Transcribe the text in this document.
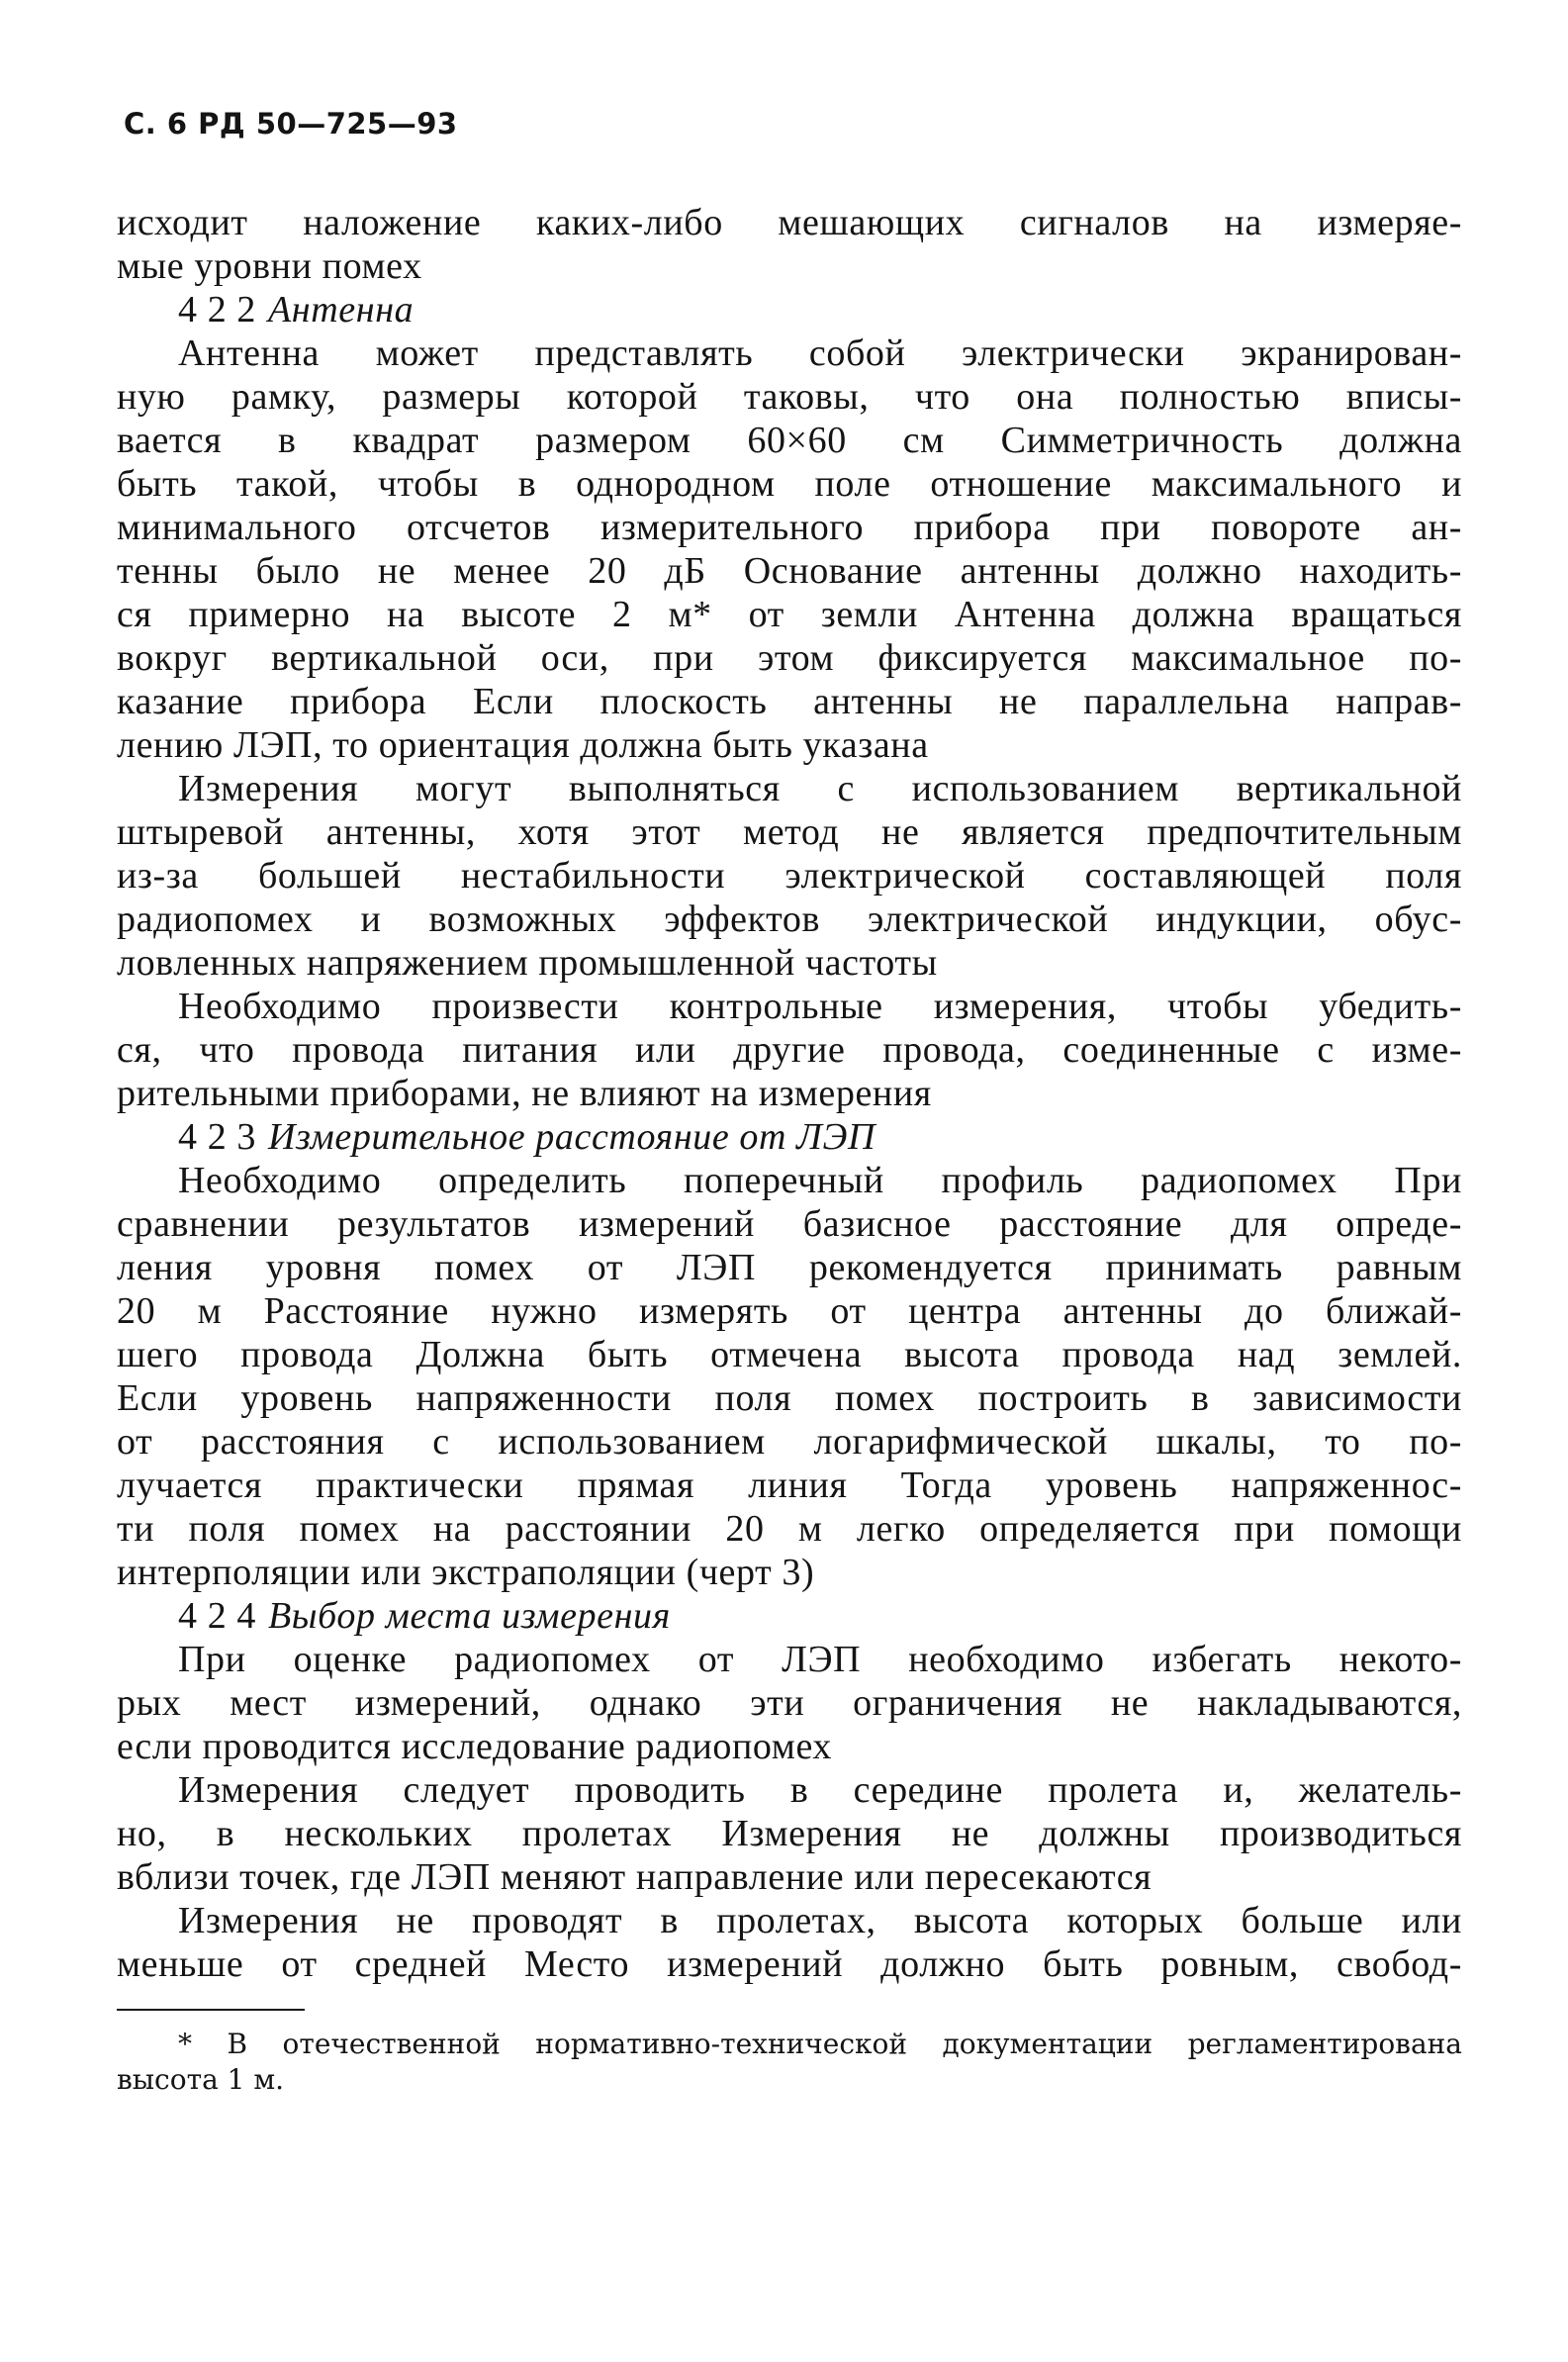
С. 6 РД 50—725—93
исходит наложение каких-либо мешающих сигналов на измеряе-
мые уровни помех
4 2 2 Антенна
Антенна может представлять собой электрически экранирован-
ную рамку, размеры которой таковы, что она полностью вписы-
вается в квадрат размером 60×60 см Симметричность должна
быть такой, чтобы в однородном поле отношение максимального и
минимального отсчетов измерительного прибора при повороте ан-
тенны было не менее 20 дБ Основание антенны должно находить-
ся примерно на высоте 2 м* от земли Антенна должна вращаться
вокруг вертикальной оси, при этом фиксируется максимальное по-
казание прибора Если плоскость антенны не параллельна направ-
лению ЛЭП, то ориентация должна быть указана
Измерения могут выполняться с использованием вертикальной
штыревой антенны, хотя этот метод не является предпочтительным
из-за большей нестабильности электрической составляющей поля
радиопомех и возможных эффектов электрической индукции, обус-
ловленных напряжением промышленной частоты
Необходимо произвести контрольные измерения, чтобы убедить-
ся, что провода питания или другие провода, соединенные с изме-
рительными приборами, не влияют на измерения
4 2 3 Измерительное расстояние от ЛЭП
Необходимо определить поперечный профиль радиопомех При
сравнении результатов измерений базисное расстояние для опреде-
ления уровня помех от ЛЭП рекомендуется принимать равным
20 м Расстояние нужно измерять от центра антенны до ближай-
шего провода Должна быть отмечена высота провода над землей.
Если уровень напряженности поля помех построить в зависимости
от расстояния с использованием логарифмической шкалы, то по-
лучается практически прямая линия Тогда уровень напряженнос-
ти поля помех на расстоянии 20 м легко определяется при помощи
интерполяции или экстраполяции (черт 3)
4 2 4 Выбор места измерения
При оценке радиопомех от ЛЭП необходимо избегать некото-
рых мест измерений, однако эти ограничения не накладываются,
если проводится исследование радиопомех
Измерения следует проводить в середине пролета и, желатель-
но, в нескольких пролетах Измерения не должны производиться
вблизи точек, где ЛЭП меняют направление или пересекаются
Измерения не проводят в пролетах, высота которых больше или
меньше от средней Место измерений должно быть ровным, свобод-
* В отечественной нормативно-технической документации регламентирована
высота 1 м.
